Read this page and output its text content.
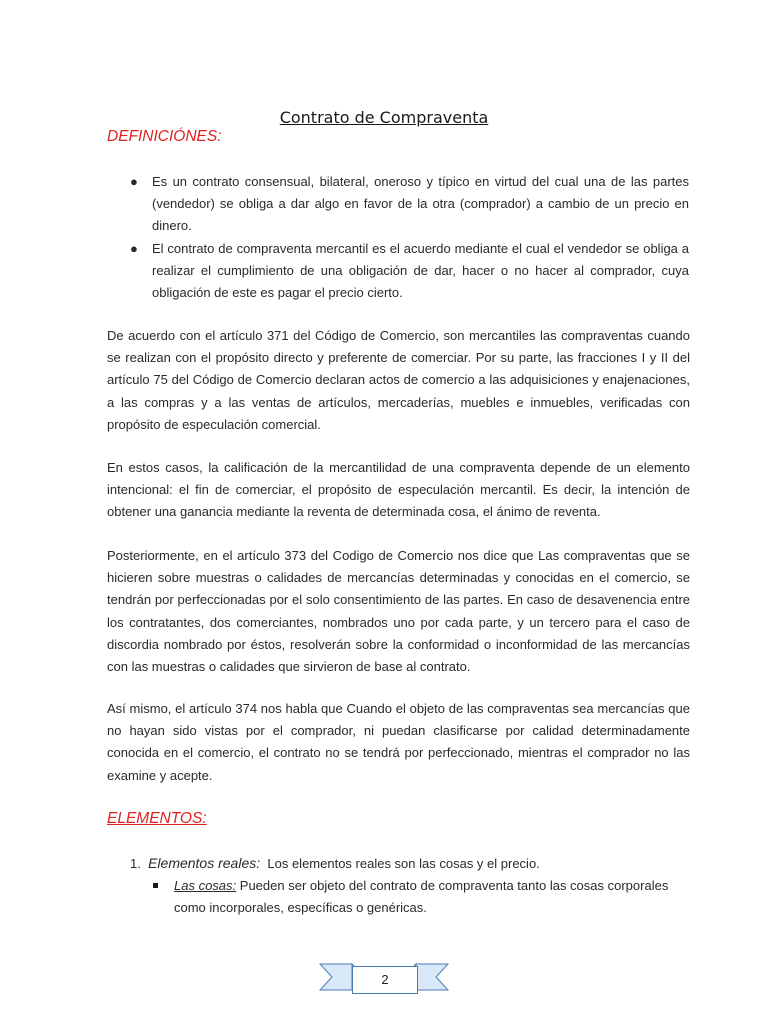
Contrato de Compraventa
DEFINICIÓNES:
● Es un contrato consensual, bilateral, oneroso y típico en virtud del cual una de las partes (vendedor) se obliga a dar algo en favor de la otra (comprador) a cambio de un precio en dinero.
● El contrato de compraventa mercantil es el acuerdo mediante el cual el vendedor se obliga a realizar el cumplimiento de una obligación de dar, hacer o no hacer al comprador, cuya obligación de este es pagar el precio cierto.
De acuerdo con el artículo 371 del Código de Comercio, son mercantiles las compraventas cuando se realizan con el propósito directo y preferente de comerciar. Por su parte, las fracciones I y II del artículo 75 del Código de Comercio declaran actos de comercio a las adquisiciones y enajenaciones, a las compras y a las ventas de artículos, mercaderías, muebles e inmuebles, verificadas con propósito de especulación comercial.
En estos casos, la calificación de la mercantilidad de una compraventa depende de un elemento intencional: el fin de comerciar, el propósito de especulación mercantil. Es decir, la intención de obtener una ganancia mediante la reventa de determinada cosa, el ánimo de reventa.
Posteriormente, en el artículo 373 del Codigo de Comercio nos dice que Las compraventas que se hicieren sobre muestras o calidades de mercancías determinadas y conocidas en el comercio, se tendrán por perfeccionadas por el solo consentimiento de las partes. En caso de desavenencia entre los contratantes, dos comerciantes, nombrados uno por cada parte, y un tercero para el caso de discordia nombrado por éstos, resolverán sobre la conformidad o inconformidad de las mercancías con las muestras o calidades que sirvieron de base al contrato.
Así mismo, el artículo 374 nos habla que Cuando el objeto de las compraventas sea mercancías que no hayan sido vistas por el comprador, ni puedan clasificarse por calidad determinadamente conocida en el comercio, el contrato no se tendrá por perfeccionado, mientras el comprador no las examine y acepte.
ELEMENTOS:
1. Elementos reales: Los elementos reales son las cosas y el precio.
Las cosas: Pueden ser objeto del contrato de compraventa tanto las cosas corporales como incorporales, específicas o genéricas.
2
